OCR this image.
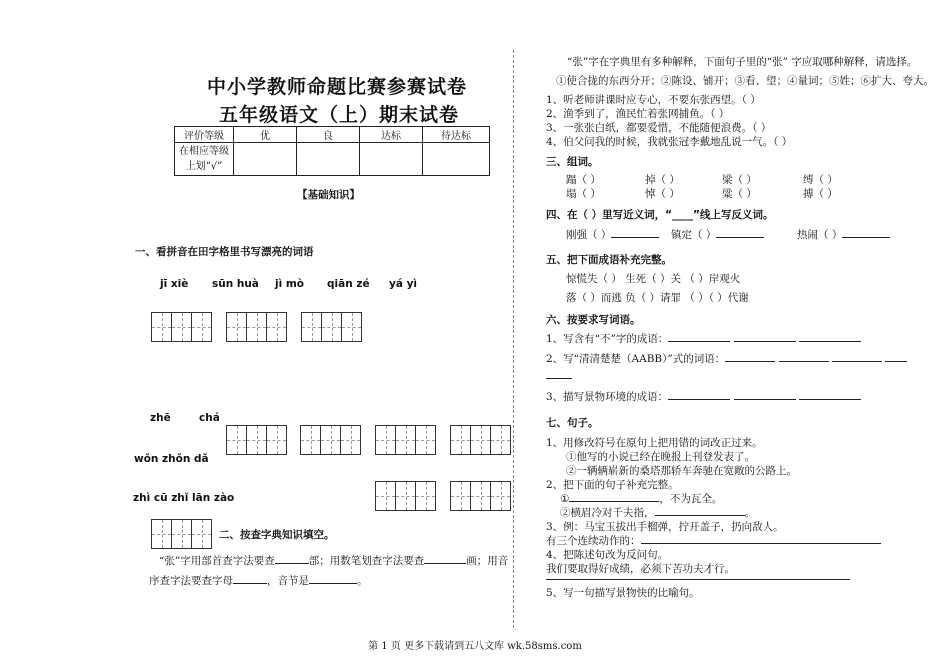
中小学教师命题比赛参赛试卷
五年级语文（上）期末试卷
评价等级	优	良	达标	待达标
在相应等级
上划“√”				
【基础知识】
一、看拼音在田字格里书写漂亮的词语
jī xiè sūn huà jì mò qiān zé yá yì
zhē	chá
wǒn zhǒn dǎ
zhì cū zhǐ lān zào
二、按查字典知识填空。
“张”字用部首查字法要查	部；用数笔划查字法要查	画；用音
序查字法要查字母	，音节是	。
“张”字在字典里有多种解释，下面句子里的“张” 字应取哪种解释，请选择。
①使合拢的东西分开；②陈设、铺开；③看、望；④量词；⑤姓；⑥扩大、夸大。
1、听老师讲课时应专心，不要东张西望。（ ）
2、渔季到了，渔民忙着张网捕鱼。（ ）
3、一张张白纸，都要爱惜，不能随便浪费。（ ）
4、伯父问我的时候，我就张冠李戴地乱说一气。（ ）
三、组词。
蹋（ ）	掉（ ）	梁（ ）	缚（ ）
塌（ ）	悼（ ）	粱（ ）	搏（ ）
四、在（ ）里写近义词，“____”线上写反义词。
刚强（ ）	镇定（ ）	热闹（ ）
五、把下面成语补充完整。
惊慌失（ ） 生死（ ）关 （ ）岸观火
落（ ）而逃 负（ ）请罪 （ ）（ ）代谢
六、按要求写词语。
1、写含有“不”字的成语：
2、写“清清楚楚（AABB）”式的词语：
3、描写景物环境的成语：
七、句子。
1、用修改符号在原句上把用错的词改正过来。
①他写的小说已经在晚报上刊登发表了。
②一辆辆崭新的桑塔那轿车奔驰在宽敞的公路上。
2、把下面的句子补充完整。
①	，不为瓦全。
②横眉冷对千夫指，	。
3、例：马宝玉拔出手榴弹，拧开盖子，扔向敌人。
有三个连续动作的：
4、把陈述句改为反问句。
我们要取得好成绩，必须下苦功夫才行。
5、写一句描写景物快的比喻句。
第 1 页 更多下载请到五八文库 wk.58sms.com
